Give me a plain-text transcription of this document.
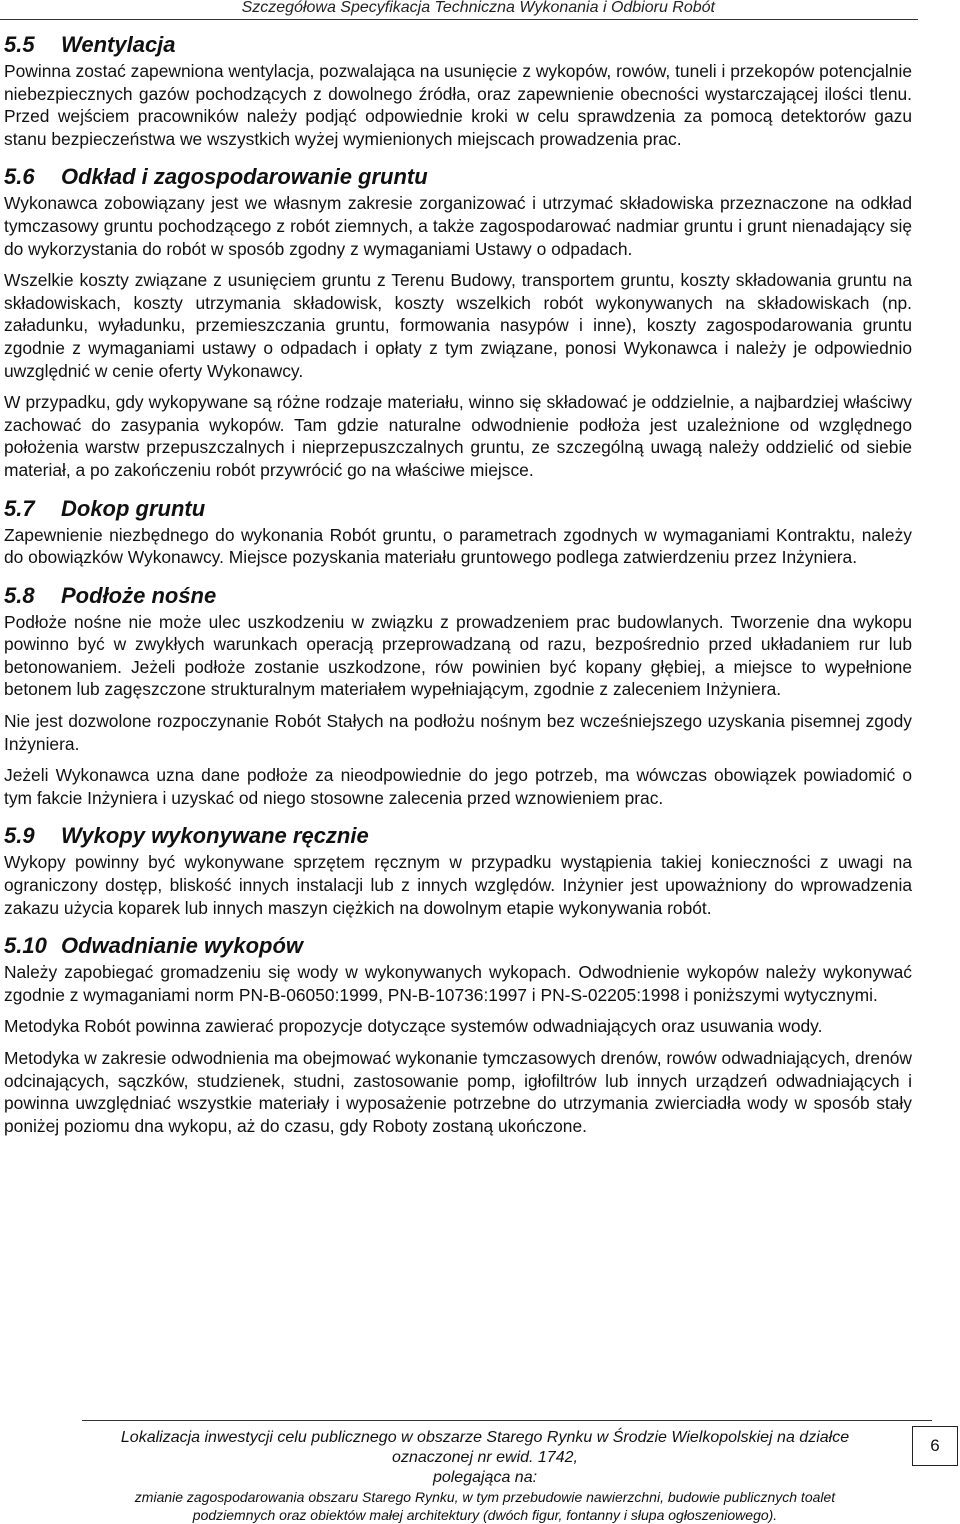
Szczegółowa Specyfikacja Techniczna Wykonania i Odbioru Robót
5.5	Wentylacja

Powinna zostać zapewniona wentylacja, pozwalająca na usunięcie z wykopów, rowów, tuneli i przekopów potencjalnie niebezpiecznych gazów pochodzących z dowolnego źródła, oraz zapewnienie obecności wystarczającej ilości tlenu. Przed wejściem pracowników należy podjąć odpowiednie kroki w celu sprawdzenia za pomocą detektorów gazu stanu bezpieczeństwa we wszystkich wyżej wymienionych miejscach prowadzenia prac.

5.6	Odkład i zagospodarowanie gruntu

Wykonawca zobowiązany jest we własnym zakresie zorganizować i utrzymać składowiska przeznaczone na odkład tymczasowy gruntu pochodzącego z robót ziemnych, a także zagospodarować nadmiar gruntu i grunt nienadający się do wykorzystania do robót w sposób zgodny z wymaganiami Ustawy o odpadach.

Wszelkie koszty związane z usunięciem gruntu z Terenu Budowy, transportem gruntu, koszty składowania gruntu na składowiskach, koszty utrzymania składowisk, koszty wszelkich robót wykonywanych na składowiskach (np. załadunku, wyładunku, przemieszczania gruntu, formowania nasypów i inne), koszty zagospodarowania gruntu zgodnie z wymaganiami ustawy o odpadach i opłaty z tym związane, ponosi Wykonawca i należy je odpowiednio uwzględnić w cenie oferty Wykonawcy.

W przypadku, gdy wykopywane są różne rodzaje materiału, winno się składować je oddzielnie, a najbardziej właściwy zachować do zasypania wykopów. Tam gdzie naturalne odwodnienie podłoża jest uzależnione od względnego położenia warstw przepuszczalnych i nieprzepuszczalnych gruntu, ze szczególną uwagą należy oddzielić od siebie materiał, a po zakończeniu robót przywrócić go na właściwe miejsce.

5.7	Dokop gruntu

Zapewnienie niezbędnego do wykonania Robót gruntu, o parametrach zgodnych w wymaganiami Kontraktu, należy do obowiązków Wykonawcy. Miejsce pozyskania materiału gruntowego podlega zatwierdzeniu przez Inżyniera.

5.8	Podłoże nośne

Podłoże nośne nie może ulec uszkodzeniu w związku z prowadzeniem prac budowlanych. Tworzenie dna wykopu powinno być w zwykłych warunkach operacją przeprowadzaną od razu, bezpośrednio przed układaniem rur lub betonowaniem. Jeżeli podłoże zostanie uszkodzone, rów powinien być kopany głębiej, a miejsce to wypełnione betonem lub zagęszczone strukturalnym materiałem wypełniającym, zgodnie z zaleceniem Inżyniera.

Nie jest dozwolone rozpoczynanie Robót Stałych na podłożu nośnym bez wcześniejszego uzyskania pisemnej zgody Inżyniera.

Jeżeli Wykonawca uzna dane podłoże za nieodpowiednie do jego potrzeb, ma wówczas obowiązek powiadomić o tym fakcie Inżyniera i uzyskać od niego stosowne zalecenia przed wznowieniem prac.

5.9	Wykopy wykonywane ręcznie

Wykopy powinny być wykonywane sprzętem ręcznym w przypadku wystąpienia takiej konieczności z uwagi na ograniczony dostęp, bliskość innych instalacji lub z innych względów. Inżynier jest upoważniony do wprowadzenia zakazu użycia koparek lub innych maszyn ciężkich na dowolnym etapie wykonywania robót.

5.10 Odwadnianie wykopów

Należy zapobiegać gromadzeniu się wody w wykonywanych wykopach. Odwodnienie wykopów należy wykonywać zgodnie z wymaganiami norm PN-B-06050:1999, PN-B-10736:1997 i PN-S-02205:1998 i poniższymi wytycznymi.

Metodyka Robót powinna zawierać propozycje dotyczące systemów odwadniających oraz usuwania wody.

Metodyka w zakresie odwodnienia ma obejmować wykonanie tymczasowych drenów, rowów odwadniających, drenów odcinających, sączków, studzienek, studni, zastosowanie pomp, igłofiltrów lub innych urządzeń odwadniających i powinna uwzględniać wszystkie materiały i wyposażenie potrzebne do utrzymania zwierciadła wody w sposób stały poniżej poziomu dna wykopu, aż do czasu, gdy Roboty zostaną ukończone.

Lokalizacja inwestycji celu publicznego w obszarze Starego Rynku w Środzie Wielkopolskiej na działce
oznaczonej nr ewid. 1742,
polegająca na:
zmianie zagospodarowania obszaru Starego Rynku, w tym przebudowie nawierzchni, budowie publicznych toalet
podziemnych oraz obiektów małej architektury (dwóch figur, fontanny i słupa ogłoszeniowego).
6
